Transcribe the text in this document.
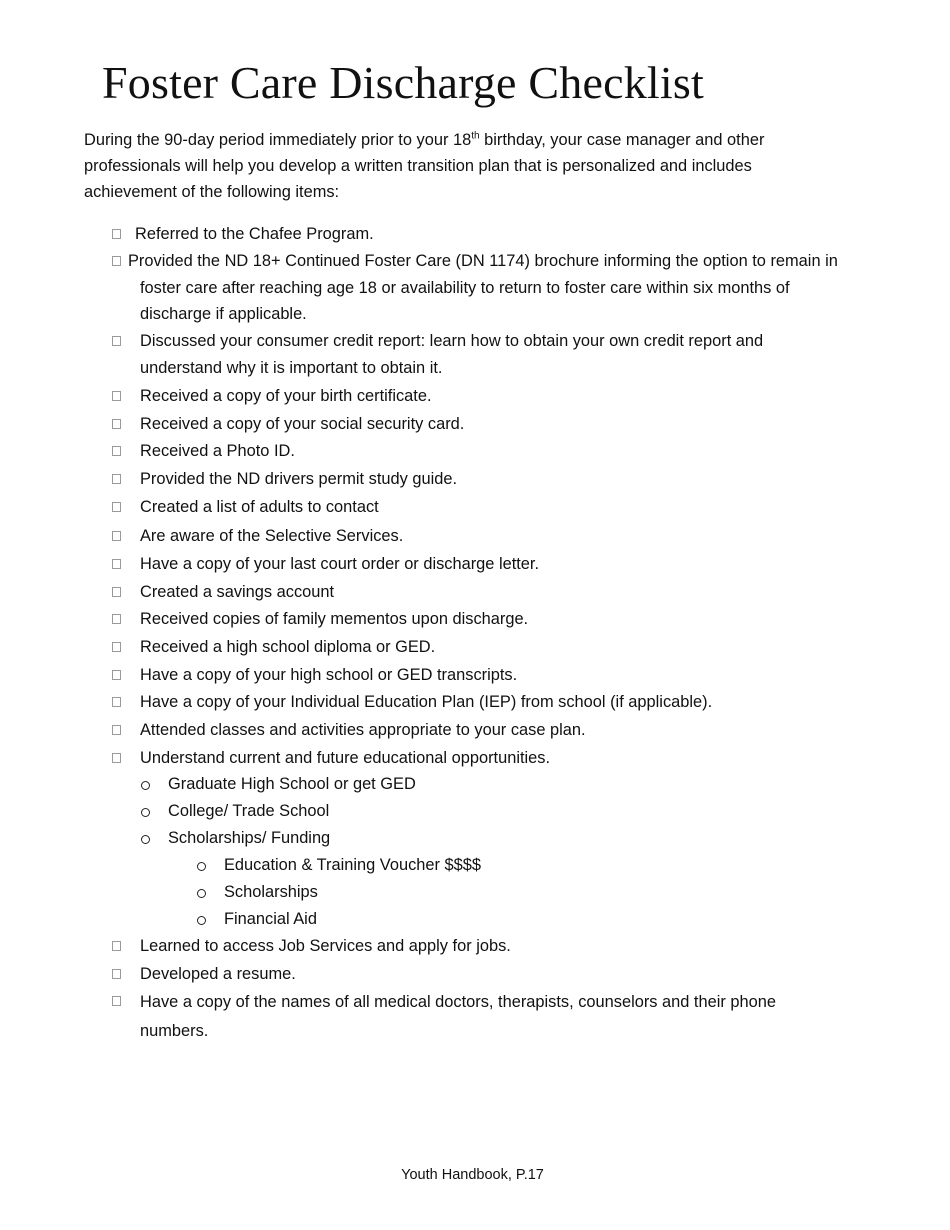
Foster Care Discharge Checklist

During the 90-day period immediately prior to your 18th birthday, your case manager and other professionals will help you develop a written transition plan that is personalized and includes achievement of the following items:

Referred to the Chafee Program.
Provided the ND 18+ Continued Foster Care (DN 1174) brochure informing the option to remain in foster care after reaching age 18 or availability to return to foster care within six months of discharge if applicable.
Discussed your consumer credit report: learn how to obtain your own credit report and understand why it is important to obtain it.
Received a copy of your birth certificate.
Received a copy of your social security card.
Received a Photo ID.
Provided the ND drivers permit study guide.
Created a list of adults to contact
Are aware of the Selective Services.
Have a copy of your last court order or discharge letter.
Created a savings account
Received copies of family mementos upon discharge.
Received a high school diploma or GED.
Have a copy of your high school or GED transcripts.
Have a copy of your Individual Education Plan (IEP) from school (if applicable).
Attended classes and activities appropriate to your case plan.
Understand current and future educational opportunities.
Graduate High School or get GED
College/ Trade School
Scholarships/ Funding
Education & Training Voucher $$$$
Scholarships
Financial Aid
Learned to access Job Services and apply for jobs.
Developed a resume.
Have a copy of the names of all medical doctors, therapists, counselors and their phone numbers.
Youth Handbook, P.17
